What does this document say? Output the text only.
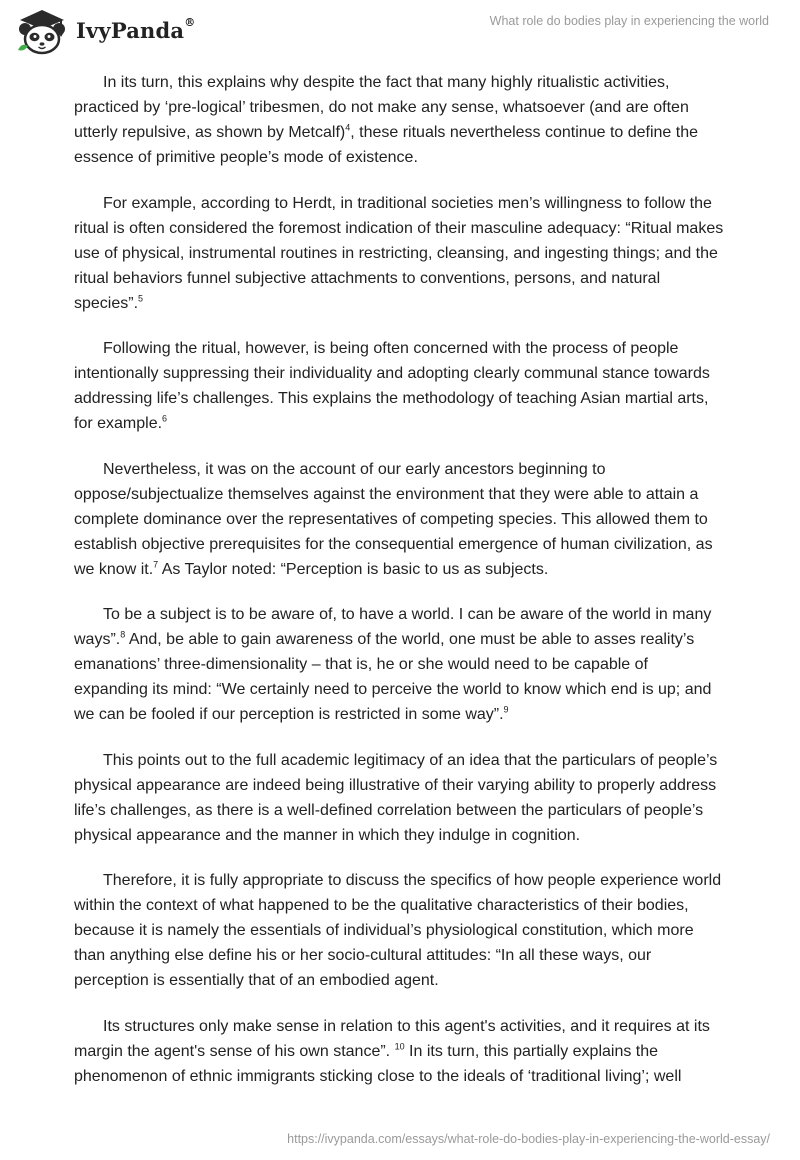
IvyPanda®	What role do bodies play in experiencing the world

In its turn, this explains why despite the fact that many highly ritualistic activities, practiced by ‘pre-logical’ tribesmen, do not make any sense, whatsoever (and are often utterly repulsive, as shown by Metcalf)$^4$, these rituals nevertheless continue to define the essence of primitive people’s mode of existence.

For example, according to Herdt, in traditional societies men’s willingness to follow the ritual is often considered the foremost indication of their masculine adequacy: “Ritual makes use of physical, instrumental routines in restricting, cleansing, and ingesting things; and the ritual behaviors funnel subjective attachments to conventions, persons, and natural species”.$^5$

Following the ritual, however, is being often concerned with the process of people intentionally suppressing their individuality and adopting clearly communal stance towards addressing life’s challenges. This explains the methodology of teaching Asian martial arts, for example.$^6$

Nevertheless, it was on the account of our early ancestors beginning to oppose/subjectualize themselves against the environment that they were able to attain a complete dominance over the representatives of competing species. This allowed them to establish objective prerequisites for the consequential emergence of human civilization, as we know it.$^7$ As Taylor noted: “Perception is basic to us as subjects.

To be a subject is to be aware of, to have a world. I can be aware of the world in many ways”.$^8$ And, be able to gain awareness of the world, one must be able to asses reality’s emanations’ three-dimensionality – that is, he or she would need to be capable of expanding its mind: “We certainly need to perceive the world to know which end is up; and we can be fooled if our perception is restricted in some way”.$^9$

This points out to the full academic legitimacy of an idea that the particulars of people’s physical appearance are indeed being illustrative of their varying ability to properly address life’s challenges, as there is a well-defined correlation between the particulars of people’s physical appearance and the manner in which they indulge in cognition.

Therefore, it is fully appropriate to discuss the specifics of how people experience world within the context of what happened to be the qualitative characteristics of their bodies, because it is namely the essentials of individual’s physiological constitution, which more than anything else define his or her socio-cultural attitudes: “In all these ways, our perception is essentially that of an embodied agent.

Its structures only make sense in relation to this agent's activities, and it requires at its margin the agent's sense of his own stance”. $^{10}$ In its turn, this partially explains the phenomenon of ethnic immigrants sticking close to the ideals of ‘traditional living’; well

https://ivypanda.com/essays/what-role-do-bodies-play-in-experiencing-the-world-essay/
